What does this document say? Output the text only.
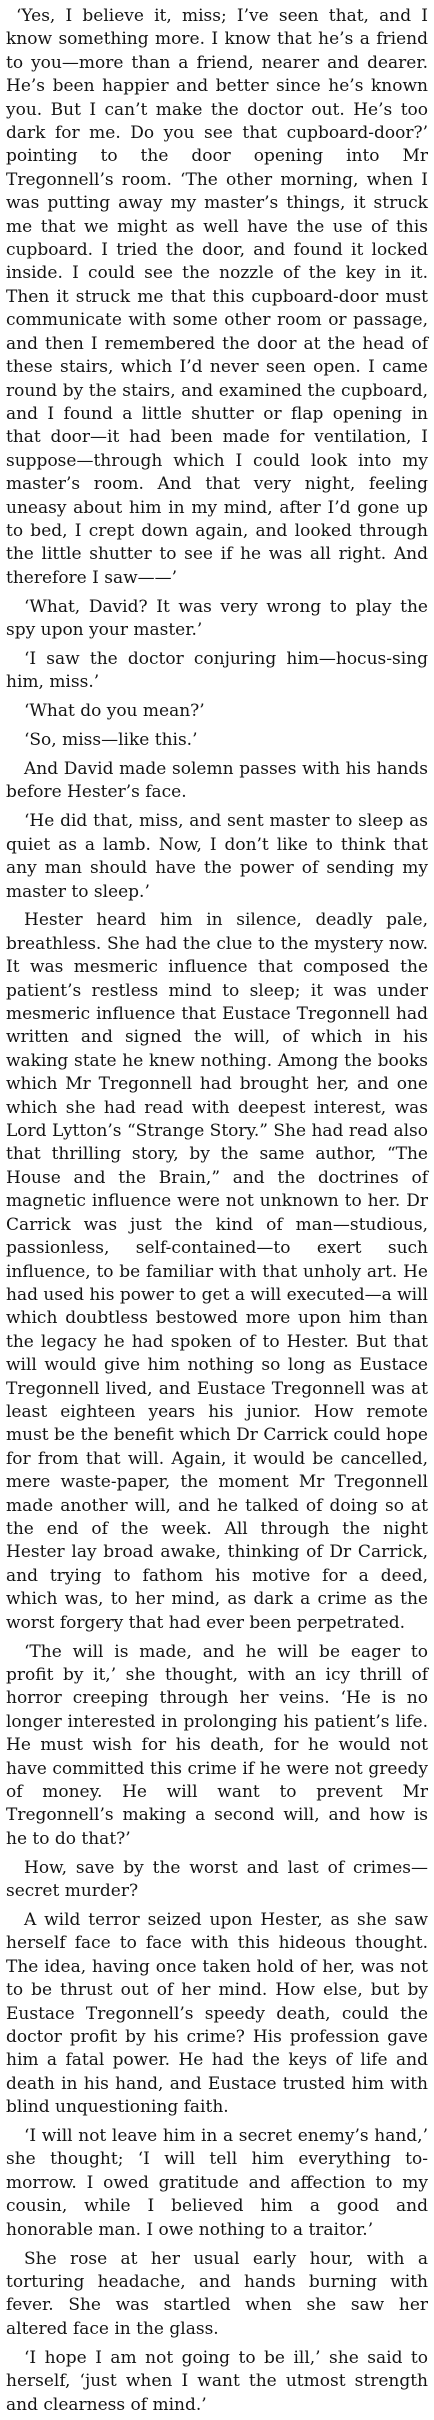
‘Yes, I believe it, miss; I’ve seen that, and I know something more. I know that he’s a friend to you—more than a friend, nearer and dearer. He’s been happier and better since he’s known you. But I can’t make the doctor out. He’s too dark for me. Do you see that cupboard-door?’ pointing to the door opening into Mr Tregonnell’s room. ‘The other morning, when I was putting away my master’s things, it struck me that we might as well have the use of this cupboard. I tried the door, and found it locked inside. I could see the nozzle of the key in it. Then it struck me that this cupboard-door must communicate with some other room or passage, and then I remembered the door at the head of these stairs, which I’d never seen open. I came round by the stairs, and examined the cupboard, and I found a little shutter or flap opening in that door—it had been made for ventilation, I suppose—through which I could look into my master’s room. And that very night, feeling uneasy about him in my mind, after I’d gone up to bed, I crept down again, and looked through the little shutter to see if he was all right. And therefore I saw——’

‘What, David? It was very wrong to play the spy upon your master.’

‘I saw the doctor conjuring him—hocus-sing him, miss.’

‘What do you mean?’

‘So, miss—like this.’

And David made solemn passes with his hands before Hester’s face.

‘He did that, miss, and sent master to sleep as quiet as a lamb. Now, I don’t like to think that any man should have the power of sending my master to sleep.’

Hester heard him in silence, deadly pale, breathless. She had the clue to the mystery now. It was mesmeric influence that composed the patient’s restless mind to sleep; it was under mesmeric influence that Eustace Tregonnell had written and signed the will, of which in his waking state he knew nothing. Among the books which Mr Tregonnell had brought her, and one which she had read with deepest interest, was Lord Lytton’s “Strange Story.” She had read also that thrilling story, by the same author, “The House and the Brain,” and the doctrines of magnetic influence were not unknown to her. Dr Carrick was just the kind of man—studious, passionless, self-contained—to exert such influence, to be familiar with that unholy art. He had used his power to get a will executed—a will which doubtless bestowed more upon him than the legacy he had spoken of to Hester. But that will would give him nothing so long as Eustace Tregonnell lived, and Eustace Tregonnell was at least eighteen years his junior. How remote must be the benefit which Dr Carrick could hope for from that will. Again, it would be cancelled, mere waste-paper, the moment Mr Tregonnell made another will, and he talked of doing so at the end of the week. All through the night Hester lay broad awake, thinking of Dr Carrick, and trying to fathom his motive for a deed, which was, to her mind, as dark a crime as the worst forgery that had ever been perpetrated.

‘The will is made, and he will be eager to profit by it,’ she thought, with an icy thrill of horror creeping through her veins. ‘He is no longer interested in prolonging his patient’s life. He must wish for his death, for he would not have committed this crime if he were not greedy of money. He will want to prevent Mr Tregonnell’s making a second will, and how is he to do that?’

How, save by the worst and last of crimes—secret murder?

A wild terror seized upon Hester, as she saw herself face to face with this hideous thought. The idea, having once taken hold of her, was not to be thrust out of her mind. How else, but by Eustace Tregonnell’s speedy death, could the doctor profit by his crime? His profession gave him a fatal power. He had the keys of life and death in his hand, and Eustace trusted him with blind unquestioning faith.

‘I will not leave him in a secret enemy’s hand,’ she thought; ‘I will tell him everything to-morrow. I owed gratitude and affection to my cousin, while I believed him a good and honorable man. I owe nothing to a traitor.’

She rose at her usual early hour, with a torturing headache, and hands burning with fever. She was startled when she saw her altered face in the glass.

‘I hope I am not going to be ill,’ she said to herself, ‘just when I want the utmost strength and clearness of mind.’
